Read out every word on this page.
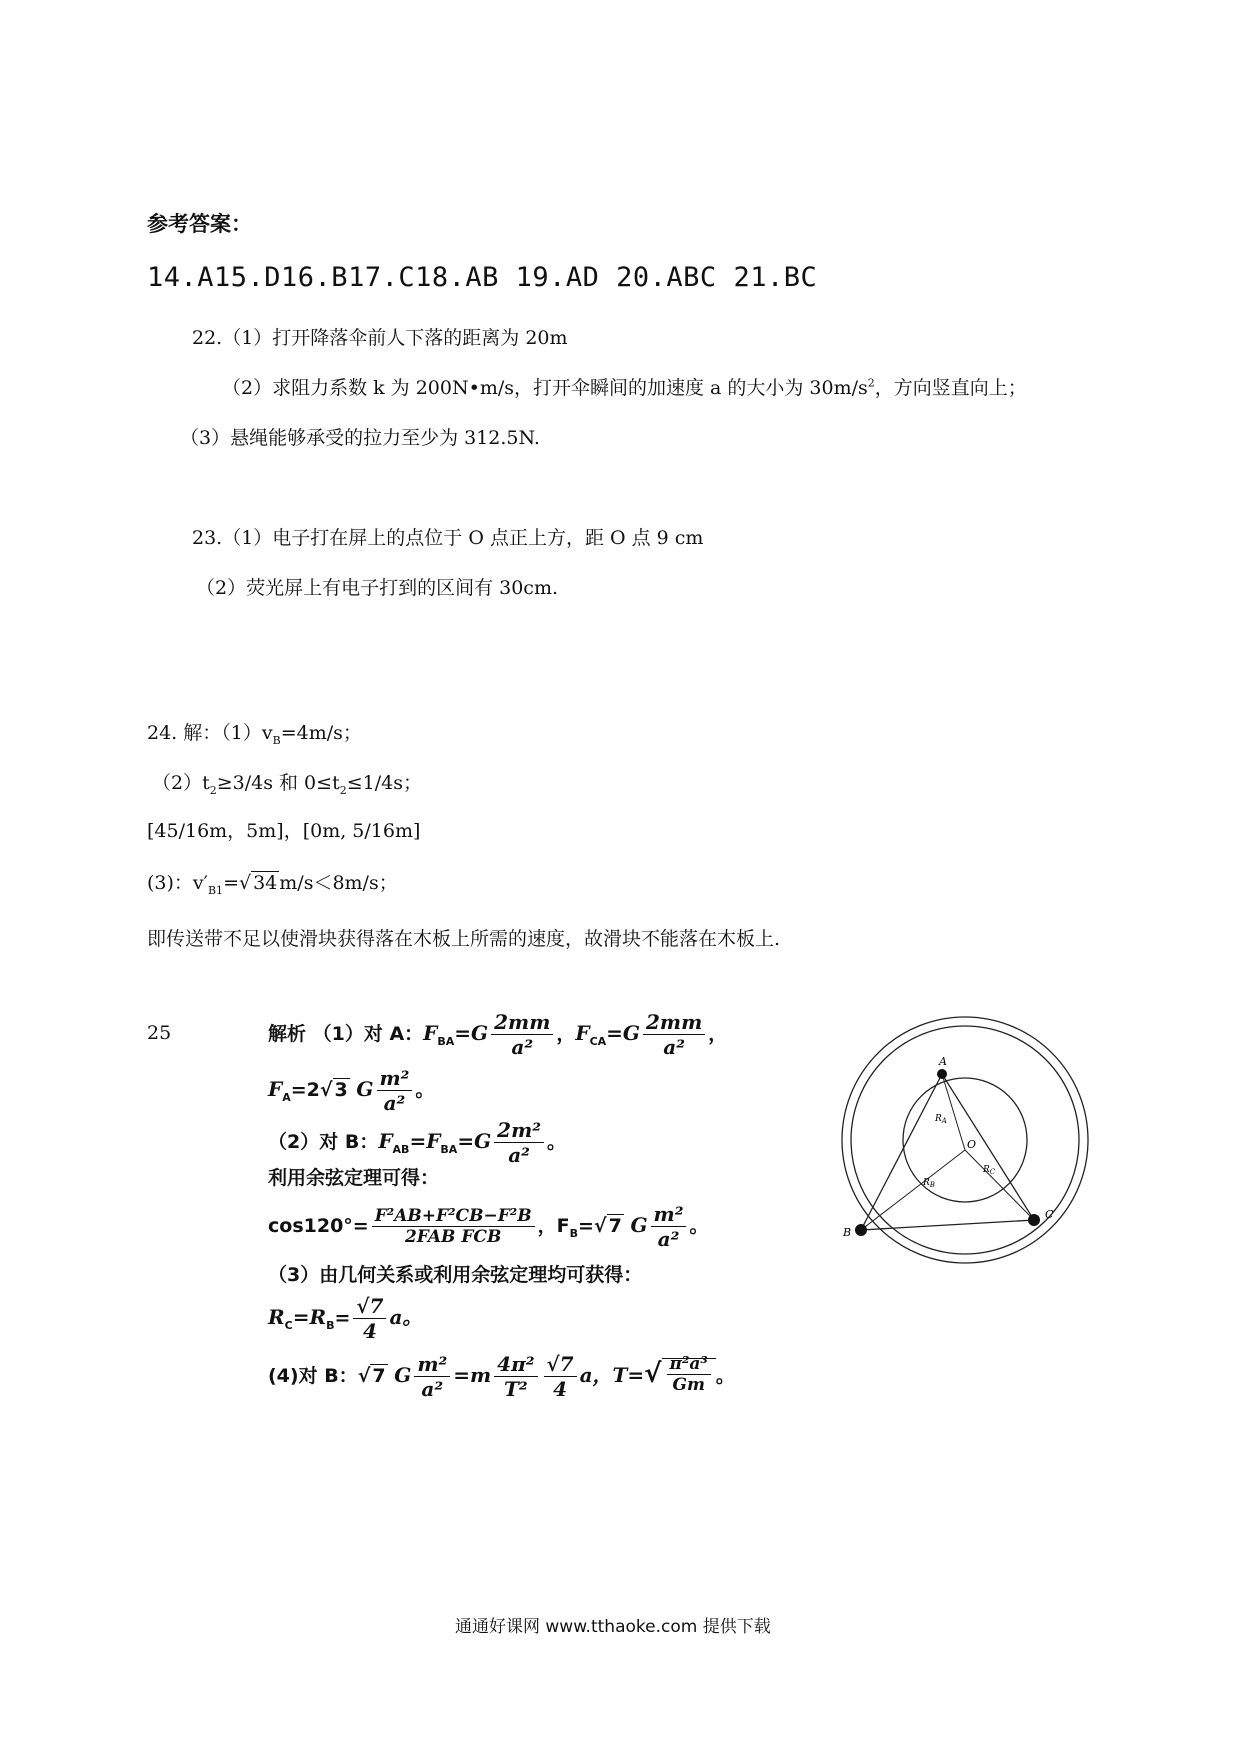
参考答案：
14.A15.D16.B17.C18.AB 19.AD 20.ABC 21.BC
22.（1）打开降落伞前人下落的距离为 20m
（2）求阻力系数 k 为 200N•m/s，打开伞瞬间的加速度 a 的大小为 $30m/s^2$，方向竖直向上；
（3）悬绳能够承受的拉力至少为 312.5N.
23.（1）电子打在屏上的点位于 O 点正上方，距 O 点 9 cm
（2）荧光屏上有电子打到的区间有 30cm.
24. 解：$(1)v_B=4m/s$；
$(2)t_2\ge 3/4s$ 和 $0\le t_2\le 1/4s$；
[45/16m，5m]，[0m, 5/16m]
(3)：$v'_{B1}=√$ 34 m/s＜8m/s；
即传送带不足以使滑块获得落在木板上所需的速度，故滑块不能落在木板上.
25	解析 （1）对 A：$F_{BA}=G \frac{2mm}{\text{a²}}$ ，$F_{CA}=G \frac{2mm}{\text{a²}}$ ，
$F_A=2√$ 3 G $\frac{\text{m²}}{\text{a²}}$ 。
（2）对 B：$F_{AB}=F_{BA}=G \frac{\text{2m²}}{\text{a²}}$ 。
利用余弦定理可得：
$\cos 120^\circ= \frac{\text{F²AB+F²CB−F²B}}{\text{2FAB FCB}}$ ，$F_B=√$ 7 G $\frac{\text{m²}}{\text{a²}}$ 。
（3）由几何关系或利用余弦定理均可获得：
$R_C=R_B= \frac{√7}{4}$ a。
(4)对 B：√ 7 G $\frac{\text{m²}}{\text{a²}} =m \frac{\text{4π²}}{\text{T²}} \frac{√7}{4}$ a，$T=√ \frac{\text{π²a³}}{Gm}$ 。
A
B
C
O
$R_A$
$R_B$
$R_C$
通通好课网 www.tthaoke.com 提供下载
